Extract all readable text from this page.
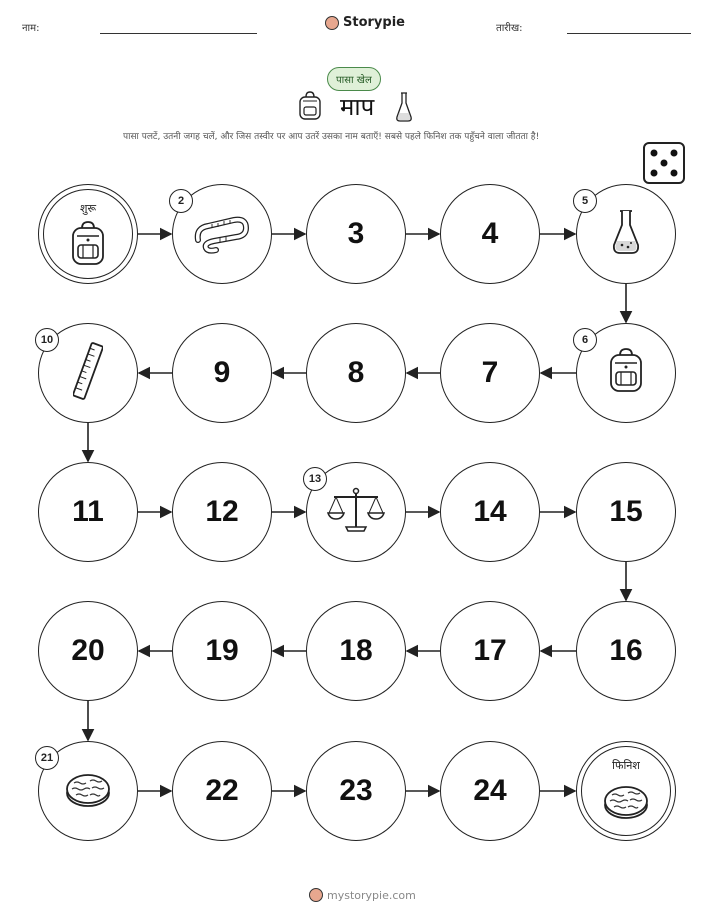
नाम:	Storypie	तारीख:
पासा खेल
माप
पासा पलटें, उतनी जगह चलें, और जिस तस्वीर पर आप उतरें उसका नाम बताएँ! सबसे पहले फिनिश तक पहुँचने वाला जीतता है!
शुरू
2
3	4
5
6
7
8
9
10
11	12
13
14	15
16
17
18
19
20
21
22	23	24
फिनिश
mystorypie.com
